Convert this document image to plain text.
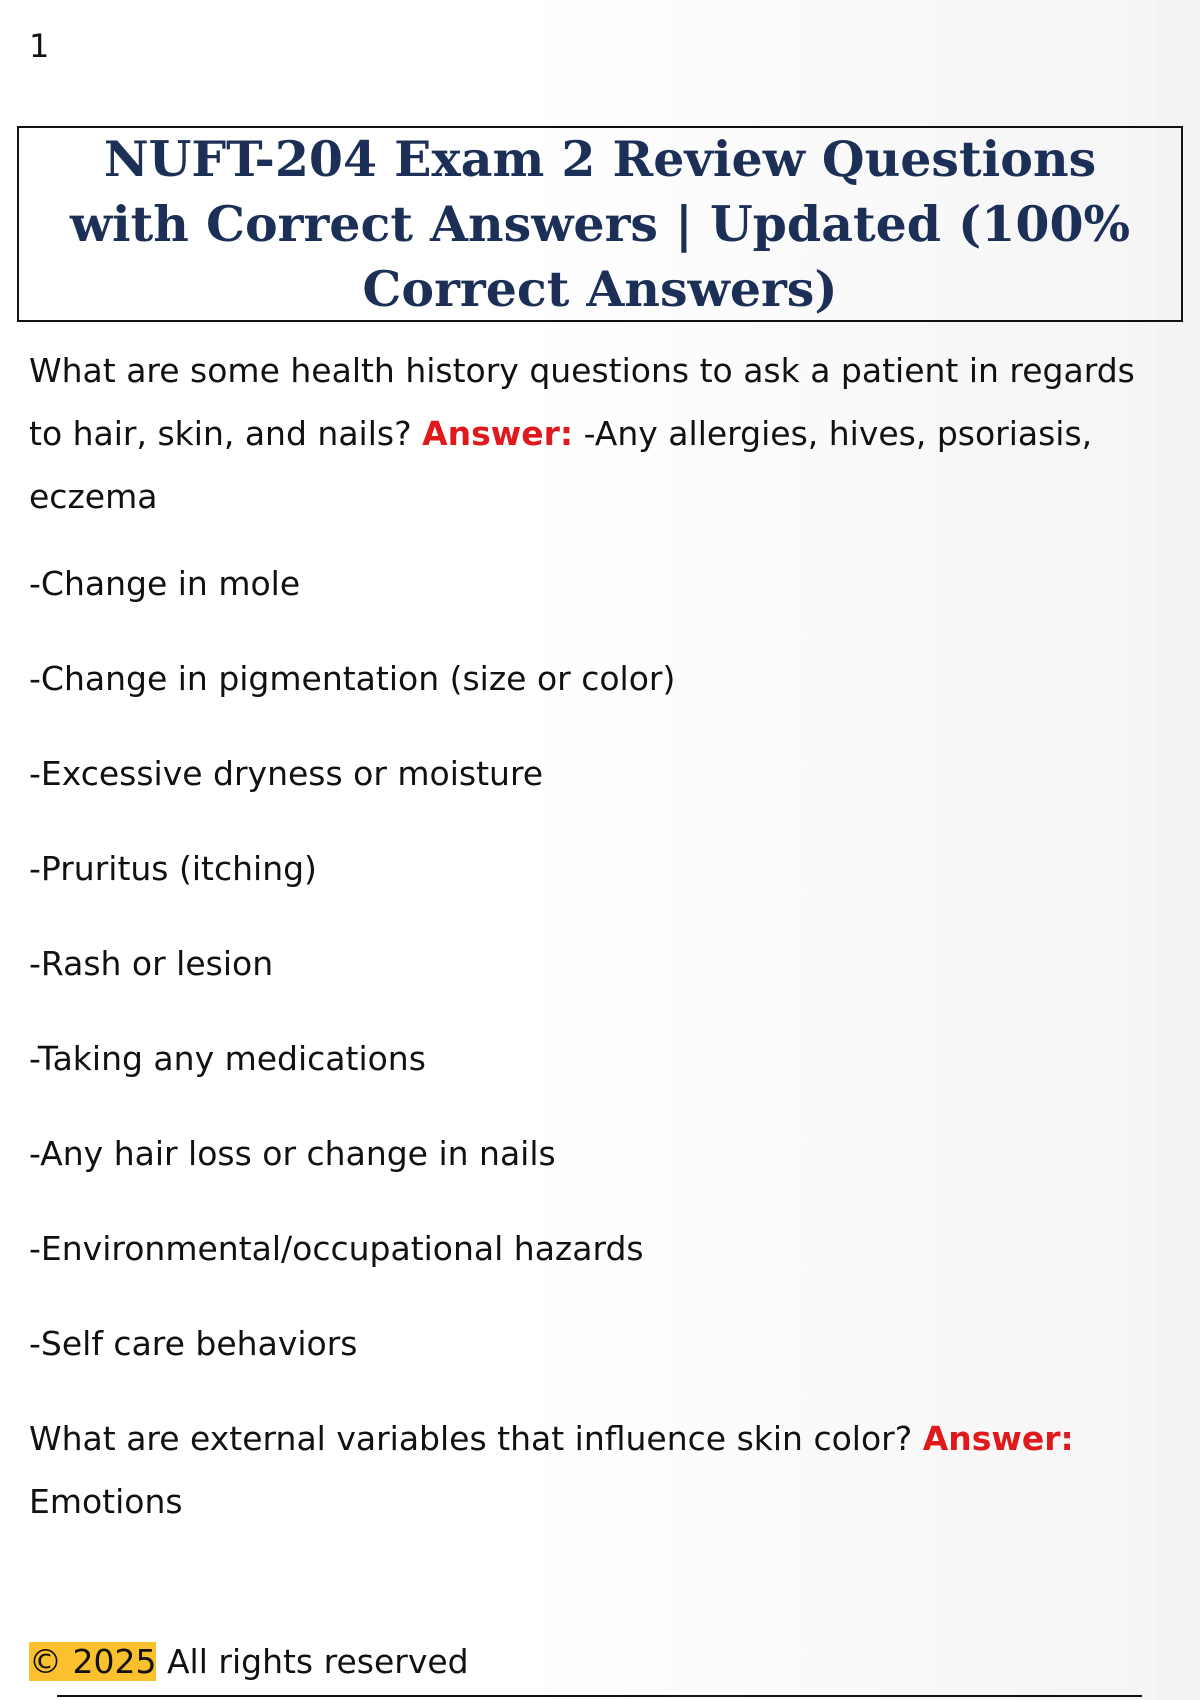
1
NUFT-204 Exam 2 Review Questions with Correct Answers | Updated (100% Correct Answers)

What are some health history questions to ask a patient in regards to hair, skin, and nails? Answer: -Any allergies, hives, psoriasis, eczema

-Change in mole

-Change in pigmentation (size or color)

-Excessive dryness or moisture

-Pruritus (itching)

-Rash or lesion

-Taking any medications

-Any hair loss or change in nails

-Environmental/occupational hazards

-Self care behaviors

What are external variables that influence skin color? Answer:
Emotions

© 2025 All rights reserved
